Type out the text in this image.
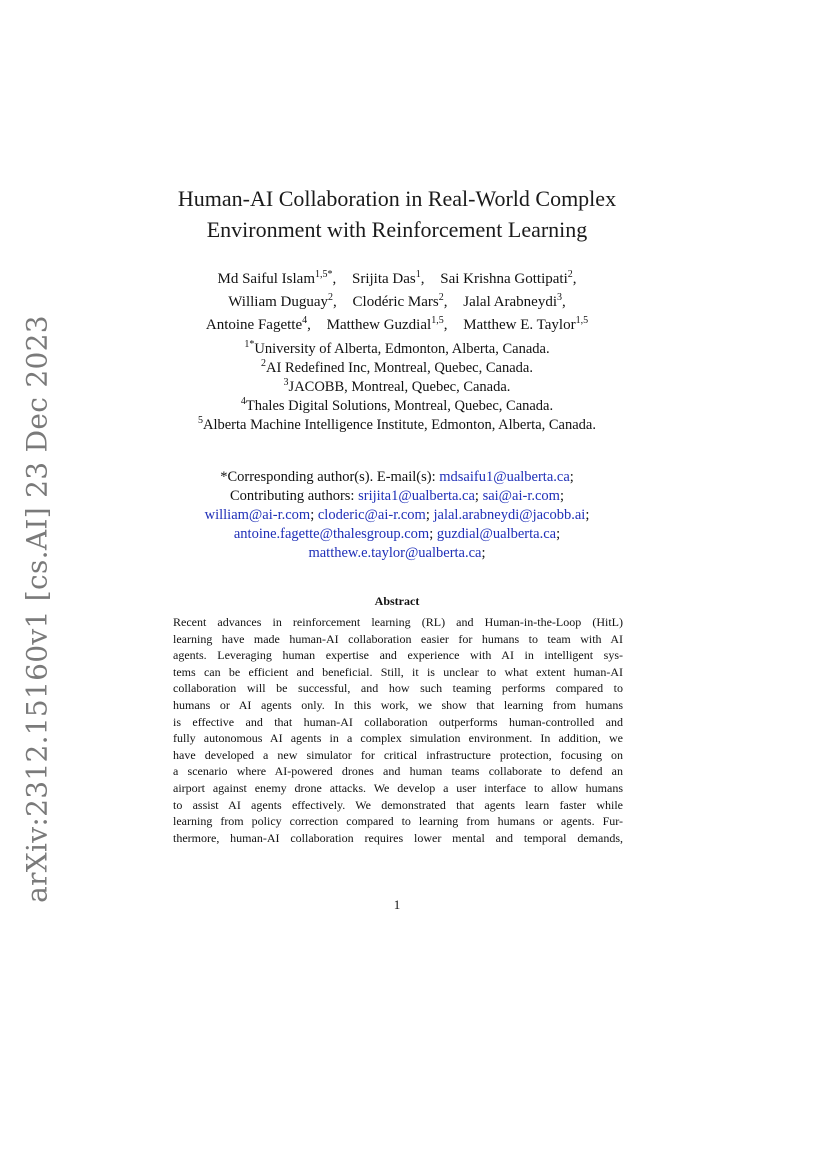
arXiv:2312.15160v1 [cs.AI] 23 Dec 2023
Human-AI Collaboration in Real-World Complex
Environment with Reinforcement Learning
Md Saiful Islam$^{1,5*}$, Srijita Das$^1$, Sai Krishna Gottipati$^2$,
William Duguay$^2$, Clodéric Mars$^2$, Jalal Arabneydi$^3$,
Antoine Fagette$^4$, Matthew Guzdial$^{1,5}$, Matthew E. Taylor$^{1,5}$
$^{1*}$University of Alberta, Edmonton, Alberta, Canada.
$^2$AI Redefined Inc, Montreal, Quebec, Canada.
$^3$JACOBB, Montreal, Quebec, Canada.
$^4$Thales Digital Solutions, Montreal, Quebec, Canada.
$^5$Alberta Machine Intelligence Institute, Edmonton, Alberta, Canada.
*Corresponding author(s). E-mail(s): mdsaifu1@ualberta.ca;
Contributing authors: srijita1@ualberta.ca; sai@ai-r.com;
william@ai-r.com; cloderic@ai-r.com; jalal.arabneydi@jacobb.ai;
antoine.fagette@thalesgroup.com; guzdial@ualberta.ca;
matthew.e.taylor@ualberta.ca;
Abstract
Recent advances in reinforcement learning (RL) and Human-in-the-Loop (HitL)
learning have made human-AI collaboration easier for humans to team with AI
agents. Leveraging human expertise and experience with AI in intelligent sys-
tems can be efficient and beneficial. Still, it is unclear to what extent human-AI
collaboration will be successful, and how such teaming performs compared to
humans or AI agents only. In this work, we show that learning from humans
is effective and that human-AI collaboration outperforms human-controlled and
fully autonomous AI agents in a complex simulation environment. In addition, we
have developed a new simulator for critical infrastructure protection, focusing on
a scenario where AI-powered drones and human teams collaborate to defend an
airport against enemy drone attacks. We develop a user interface to allow humans
to assist AI agents effectively. We demonstrated that agents learn faster while
learning from policy correction compared to learning from humans or agents. Fur-
thermore, human-AI collaboration requires lower mental and temporal demands,
1
